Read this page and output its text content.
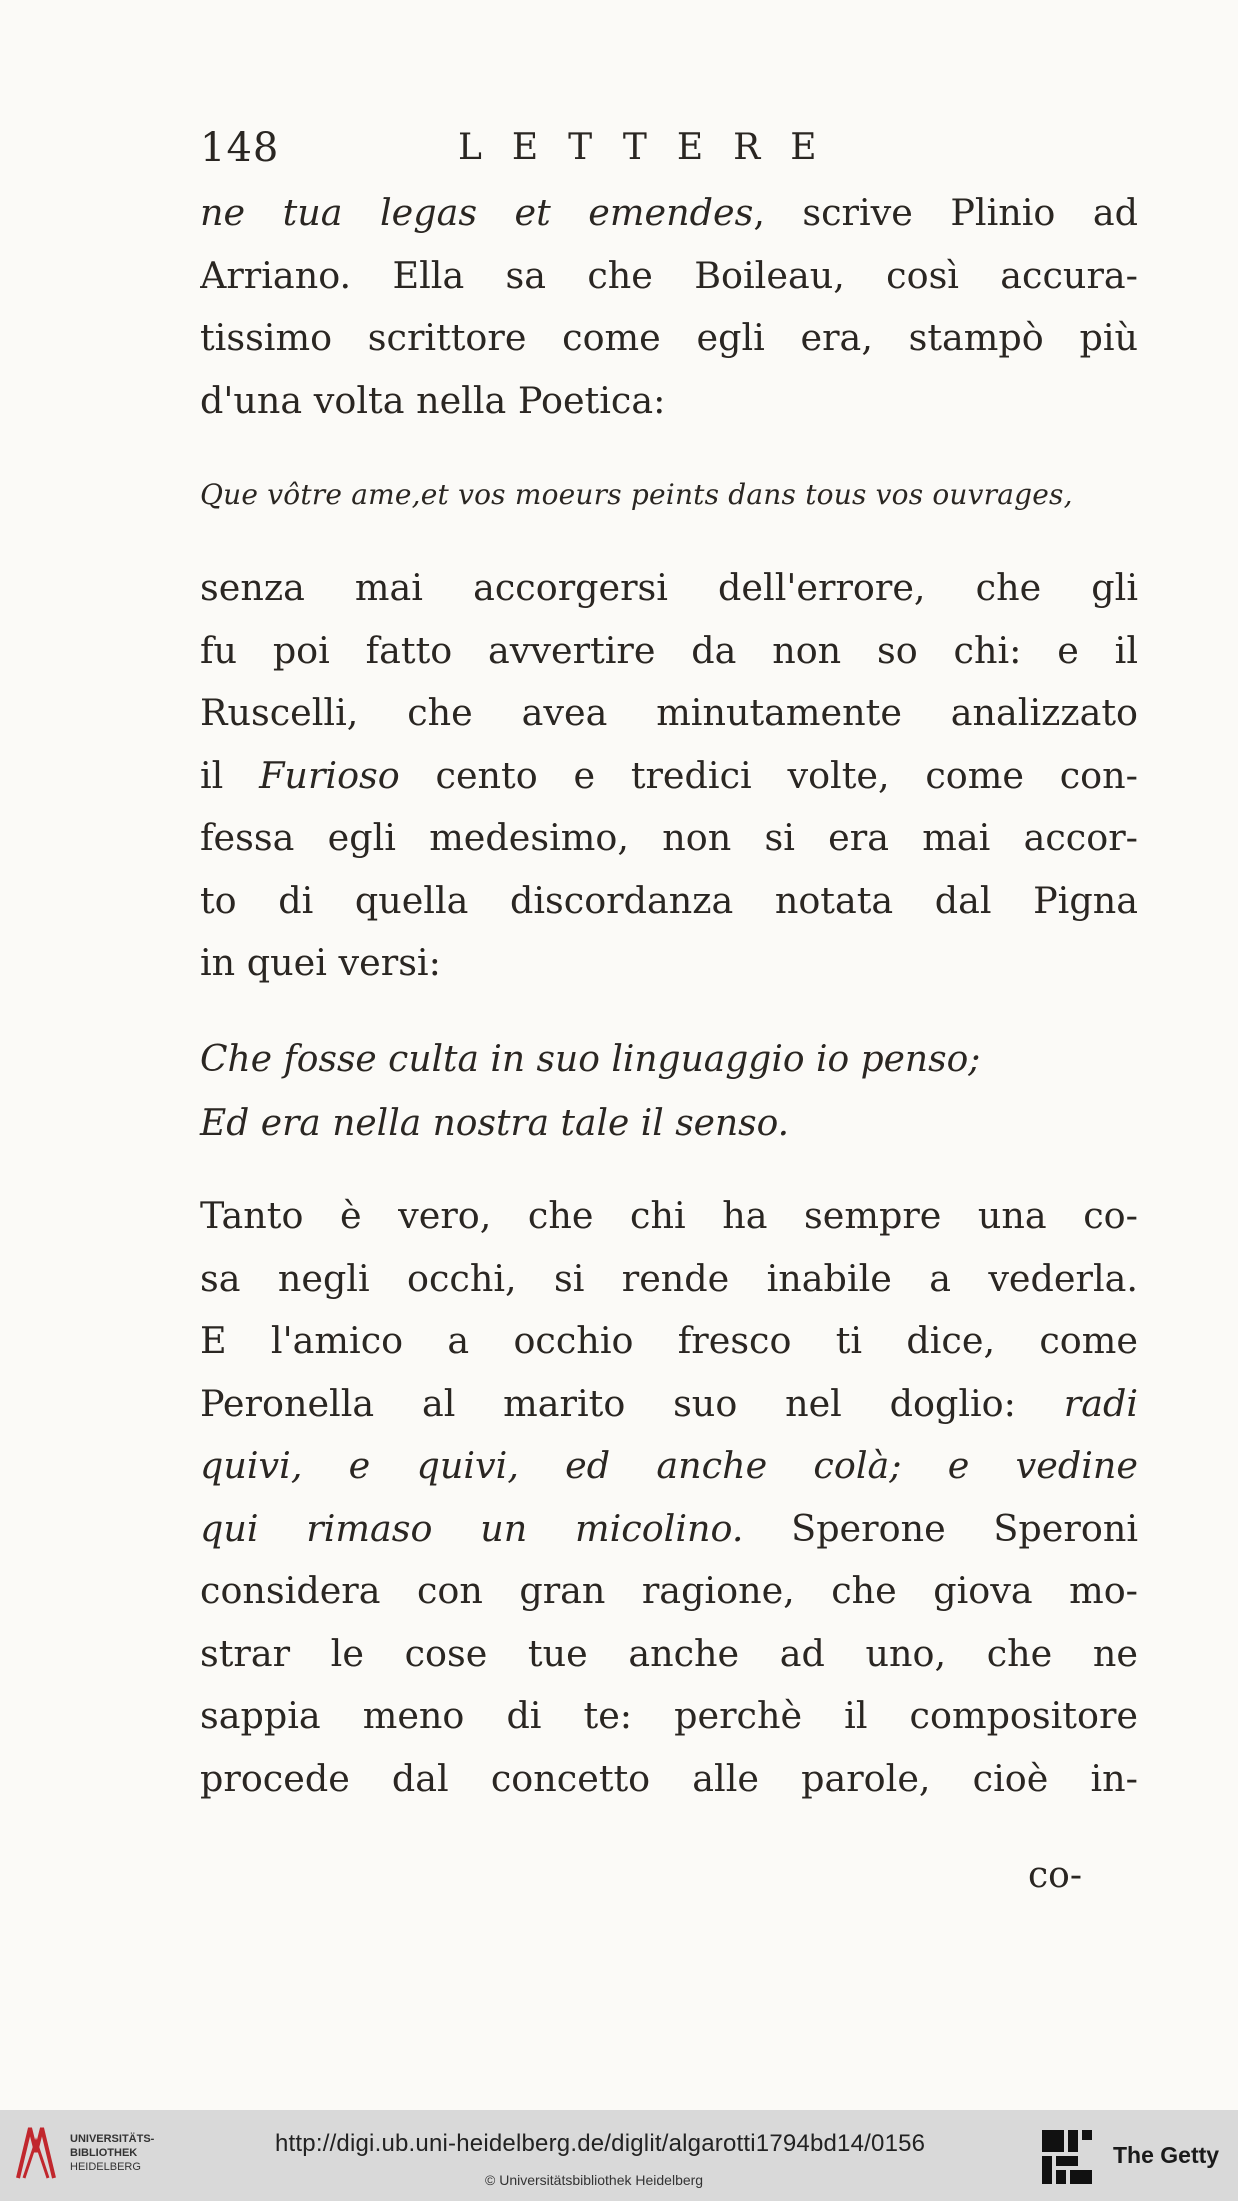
148	LETTERE
ne tua legas et emendes, scrive Plinio ad
Arriano. Ella sa che Boileau, così accura-
tissimo scrittore come egli era, stampò più
d'una volta nella Poetica:
Que vôtre ame,et vos moeurs peints dans tous vos ouvrages,
senza mai accorgersi dell'errore, che gli
fu poi fatto avvertire da non so chi: e il
Ruscelli, che avea minutamente analizzato
il Furioso cento e tredici volte, come con-
fessa egli medesimo, non si era mai accor-
to di quella discordanza notata dal Pigna
in quei versi:
Che fosse culta in suo linguaggio io penso;
Ed era nella nostra tale il senso.
Tanto è vero, che chi ha sempre una co-
sa negli occhi, si rende inabile a vederla.
E l'amico a occhio fresco ti dice, come
Peronella al marito suo nel doglio: radi
quivi, e quivi, ed anche colà; e vedine
qui rimaso un micolino. Sperone Speroni
considera con gran ragione, che giova mo-
strar le cose tue anche ad uno, che ne
sappia meno di te: perchè il compositore
procede dal concetto alle parole, cioè in-
co-
UNIVERSITÄTS-
BIBLIOTHEK
HEIDELBERG
http://digi.ub.uni-heidelberg.de/diglit/algarotti1794bd14/0156
© Universitätsbibliothek Heidelberg
The Getty
